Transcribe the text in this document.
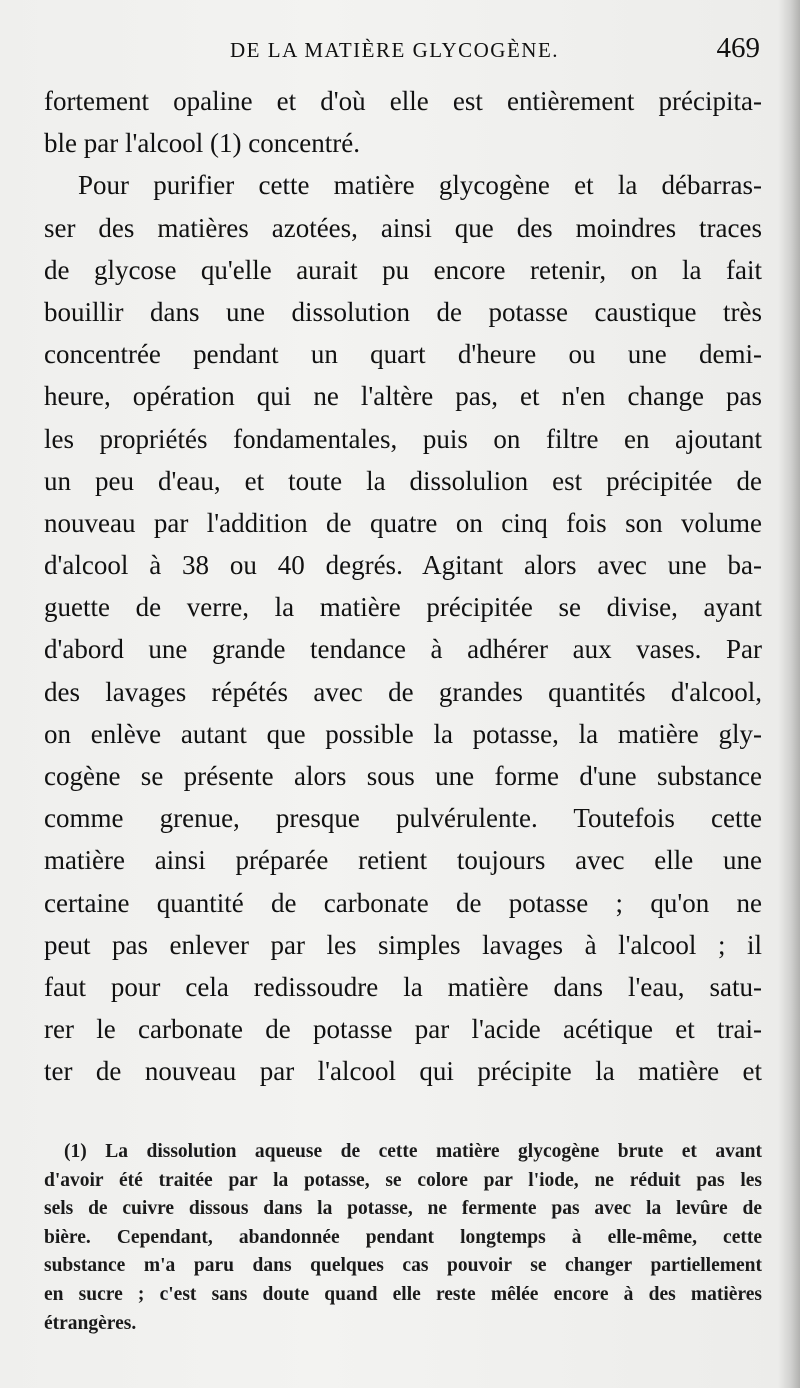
DE LA MATIÈRE GLYCOGÈNE.	469
fortement opaline et d'où elle est entièrement précipita-
ble par l'alcool (1) concentré.
Pour purifier cette matière glycogène et la débarras-
ser des matières azotées, ainsi que des moindres traces
de glycose qu'elle aurait pu encore retenir, on la fait
bouillir dans une dissolution de potasse caustique très
concentrée pendant un quart d'heure ou une demi-
heure, opération qui ne l'altère pas, et n'en change pas
les propriétés fondamentales, puis on filtre en ajoutant
un peu d'eau, et toute la dissolulion est précipitée de
nouveau par l'addition de quatre on cinq fois son volume
d'alcool à 38 ou 40 degrés. Agitant alors avec une ba-
guette de verre, la matière précipitée se divise, ayant
d'abord une grande tendance à adhérer aux vases. Par
des lavages répétés avec de grandes quantités d'alcool,
on enlève autant que possible la potasse, la matière gly-
cogène se présente alors sous une forme d'une substance
comme grenue, presque pulvérulente. Toutefois cette
matière ainsi préparée retient toujours avec elle une
certaine quantité de carbonate de potasse ; qu'on ne
peut pas enlever par les simples lavages à l'alcool ; il
faut pour cela redissoudre la matière dans l'eau, satu-
rer le carbonate de potasse par l'acide acétique et trai-
ter de nouveau par l'alcool qui précipite la matière et
(1) La dissolution aqueuse de cette matière glycogène brute et avant
d'avoir été traitée par la potasse, se colore par l'iode, ne réduit pas les
sels de cuivre dissous dans la potasse, ne fermente pas avec la levûre de
bière. Cependant, abandonnée pendant longtemps à elle-même, cette
substance m'a paru dans quelques cas pouvoir se changer partiellement
en sucre ; c'est sans doute quand elle reste mêlée encore à des matières
étrangères.
